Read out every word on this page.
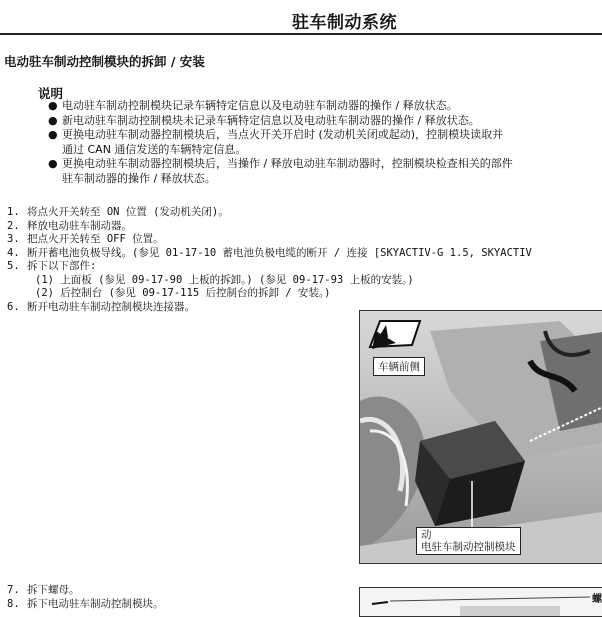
驻车制动系统
电动驻车制动控制模块的拆卸 / 安装
说明
● 电动驻车制动控制模块记录车辆特定信息以及电动驻车制动器的操作 / 释放状态。
● 新电动驻车制动控制模块未记录车辆特定信息以及电动驻车制动器的操作 / 释放状态。
● 更换电动驻车制动器控制模块后，当点火开关开启时 (发动机关闭或起动)，控制模块读取并
通过 CAN 通信发送的车辆特定信息。
● 更换电动驻车制动器控制模块后，当操作 / 释放电动驻车制动器时，控制模块检查相关的部件
驻车制动器的操作 / 释放状态。
1. 将点火开关转至 ON 位置 (发动机关闭)。
2. 释放电动驻车制动器。
3. 把点火开关转至 OFF 位置。
4. 断开蓄电池负极导线。(参见 01-17-10 蓄电池负极电缆的断开 / 连接 [SKYACTIV-G 1.5, SKYACTIV
5. 拆下以下部件:
(1) 上面板 (参见 09-17-90 上板的拆卸。) (参见 09-17-93 上板的安装。)
(2) 后控制台 (参见 09-17-115 后控制台的拆卸 / 安装。)
6. 断开电动驻车制动控制模块连接器。
车辆前侧
动
电驻车制动控制模块
7. 拆下螺母。
8. 拆下电动驻车制动控制模块。	螺
